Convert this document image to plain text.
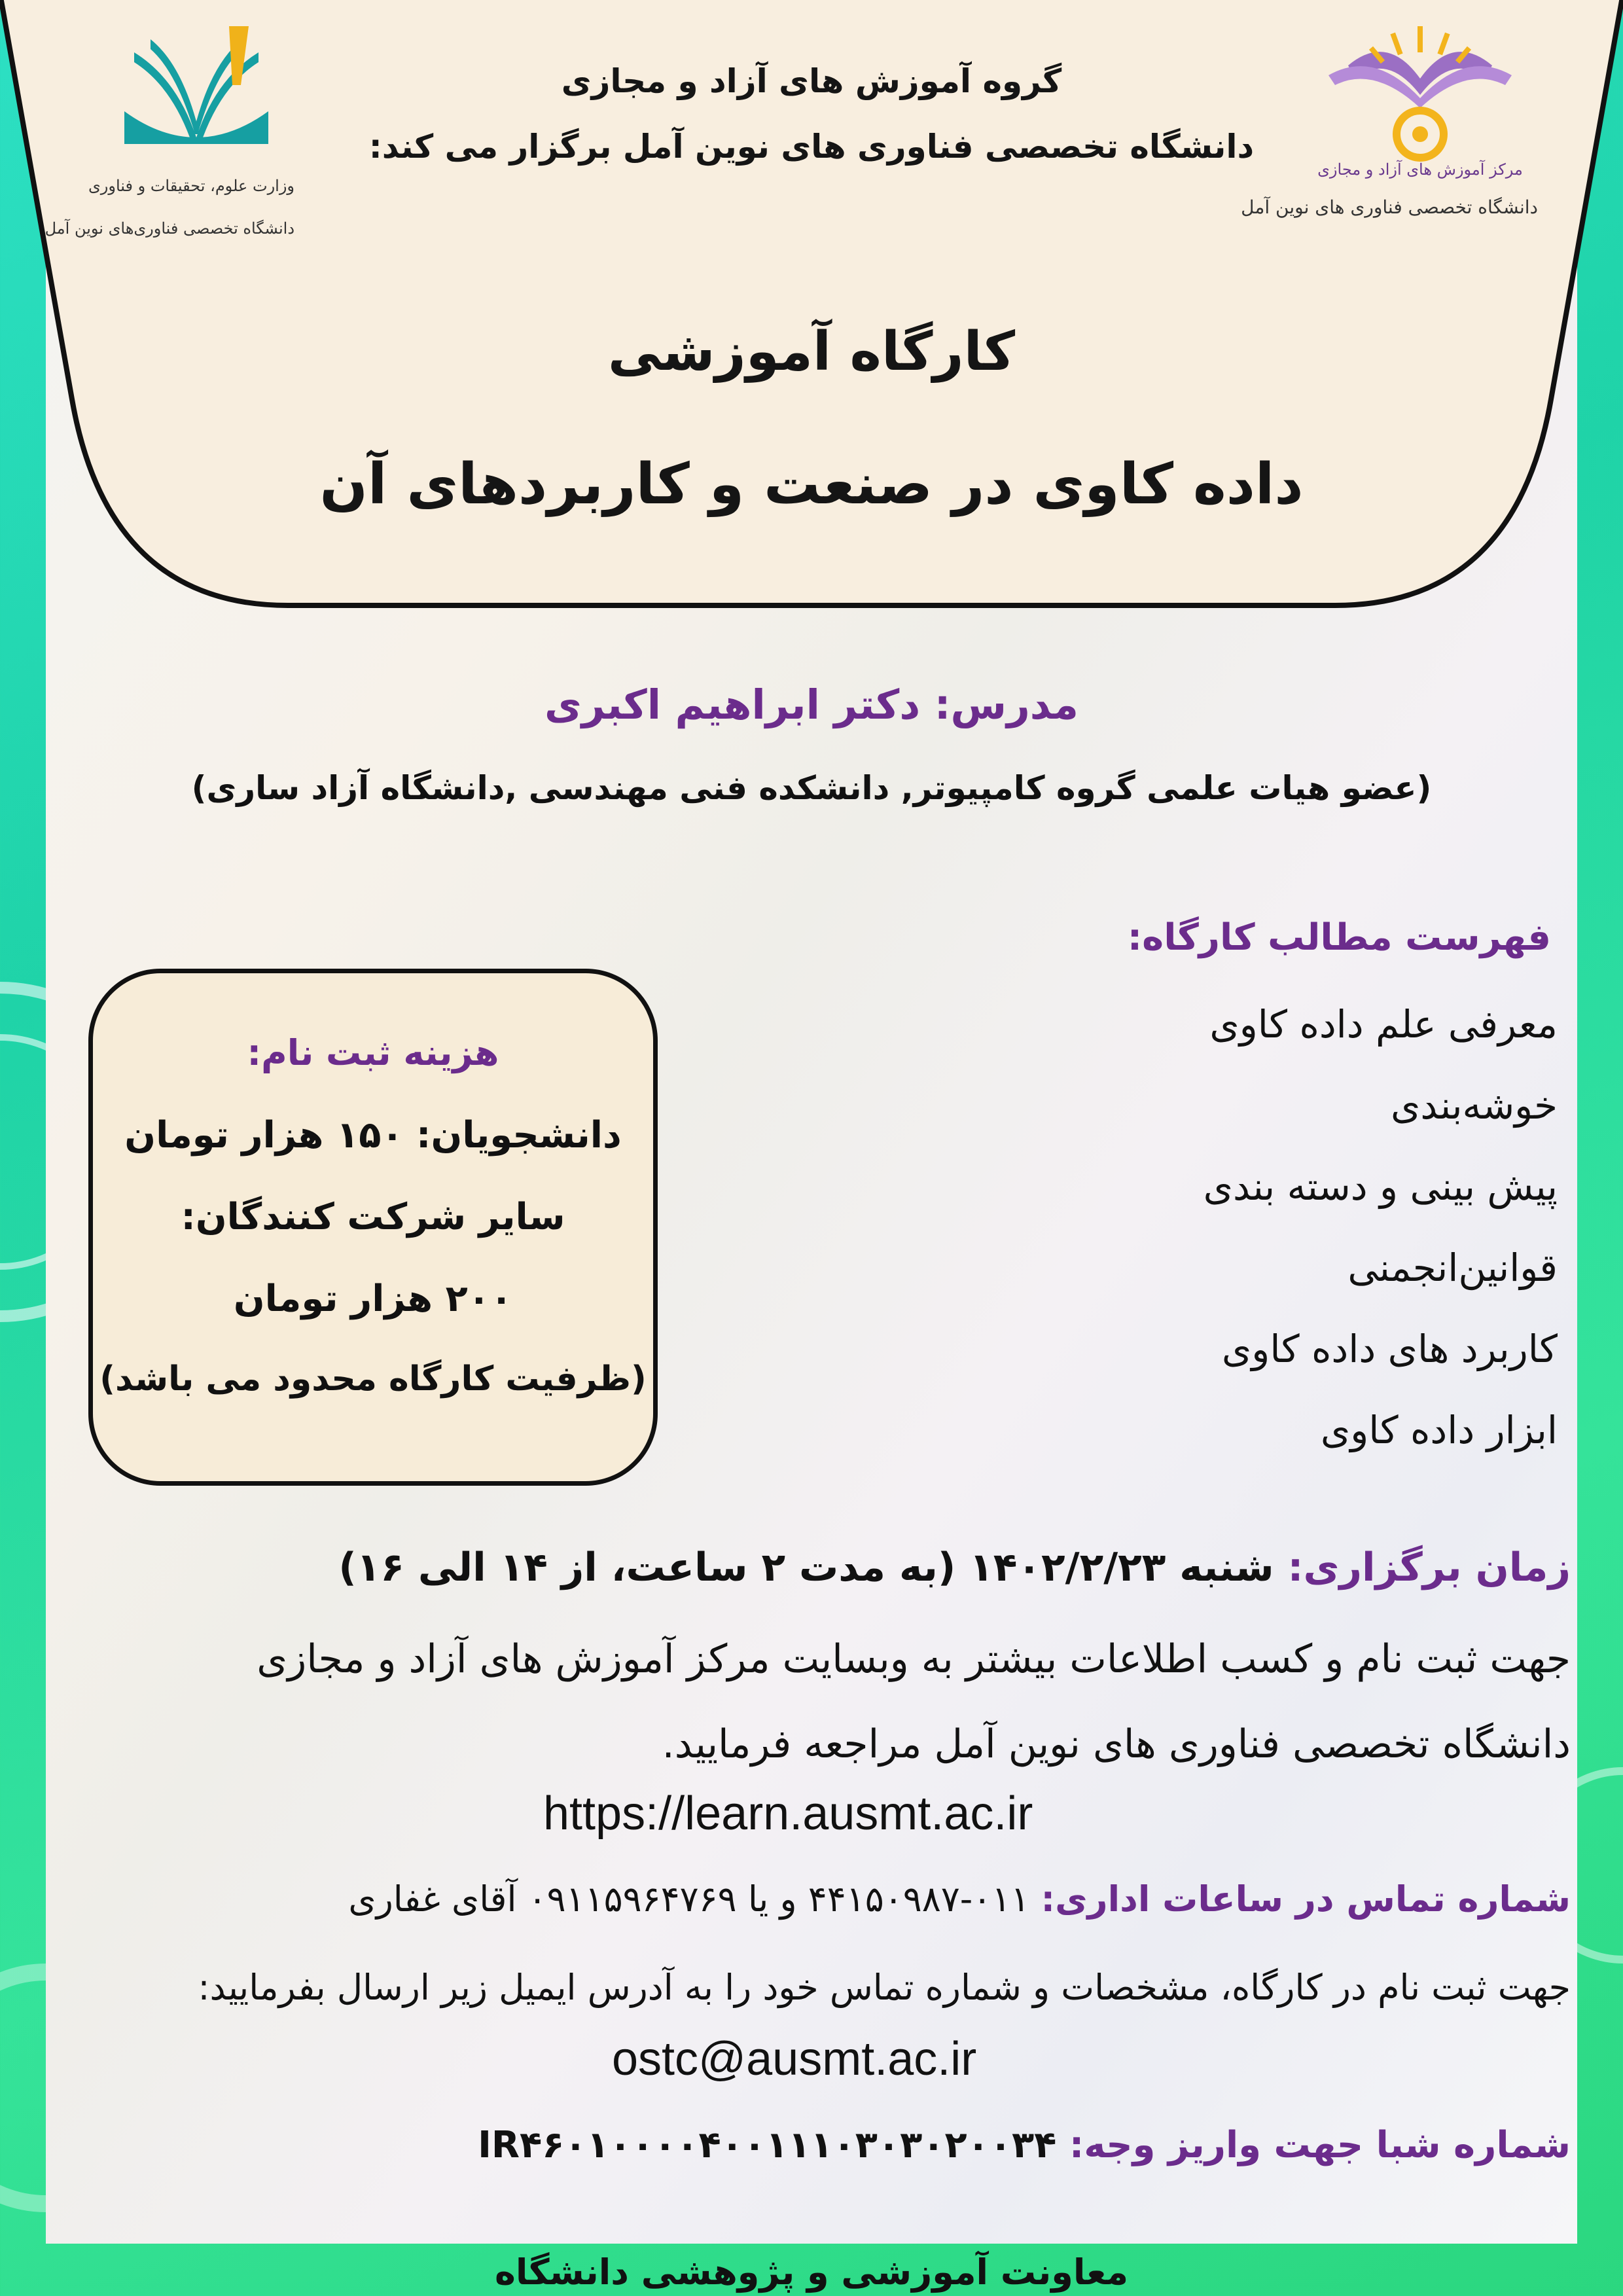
مرکز آموزش های آزاد و مجازی
دانشگاه تخصصی فناوری های نوین آمل
وزارت علوم، تحقیقات و فناوری
دانشگاه تخصصی فناوری‌های نوین آمل
گروه آموزش های آزاد و مجازی
دانشگاه تخصصی فناوری های نوین آمل برگزار می کند:
کارگاه آموزشی
داده کاوی در صنعت و کاربردهای آن
مدرس: دکتر ابراهیم اکبری
(عضو هیات علمی گروه کامپیوتر, دانشکده فنی مهندسی ,دانشگاه آزاد ساری)
فهرست مطالب کارگاه:
معرفی علم داده کاوی
خوشه‌بندی
پیش بینی و دسته بندی
قوانین‌انجمنی
کاربرد های داده کاوی
ابزار داده کاوی
هزینه ثبت نام:
دانشجویان: ۱۵۰ هزار تومان
سایر شرکت کنندگان:
۲۰۰ هزار تومان
(ظرفیت کارگاه محدود می باشد)
زمان برگزاری: شنبه ۱۴۰۲/۲/۲۳ (به مدت ۲ ساعت، از ۱۴ الی ۱۶)
جهت ثبت نام و کسب اطلاعات بیشتر به وبسایت مرکز آموزش های آزاد و مجازی
دانشگاه تخصصی فناوری های نوین آمل مراجعه فرمایید.
https://learn.ausmt.ac.ir
شماره تماس در ساعات اداری: ۰۱۱-۴۴۱۵۰۹۸۷ و یا ۰۹۱۱۵۹۶۴۷۶۹ آقای غفاری
جهت ثبت نام در کارگاه، مشخصات و شماره تماس خود را به آدرس ایمیل زیر ارسال بفرمایید:
ostc@ausmt.ac.ir
شماره شبا جهت واریز وجه: IR۴۶۰۱۰۰۰۰۴۰۰۱۱۱۰۳۰۳۰۲۰۰۳۴
معاونت آموزشی و پژوهشی دانشگاه
